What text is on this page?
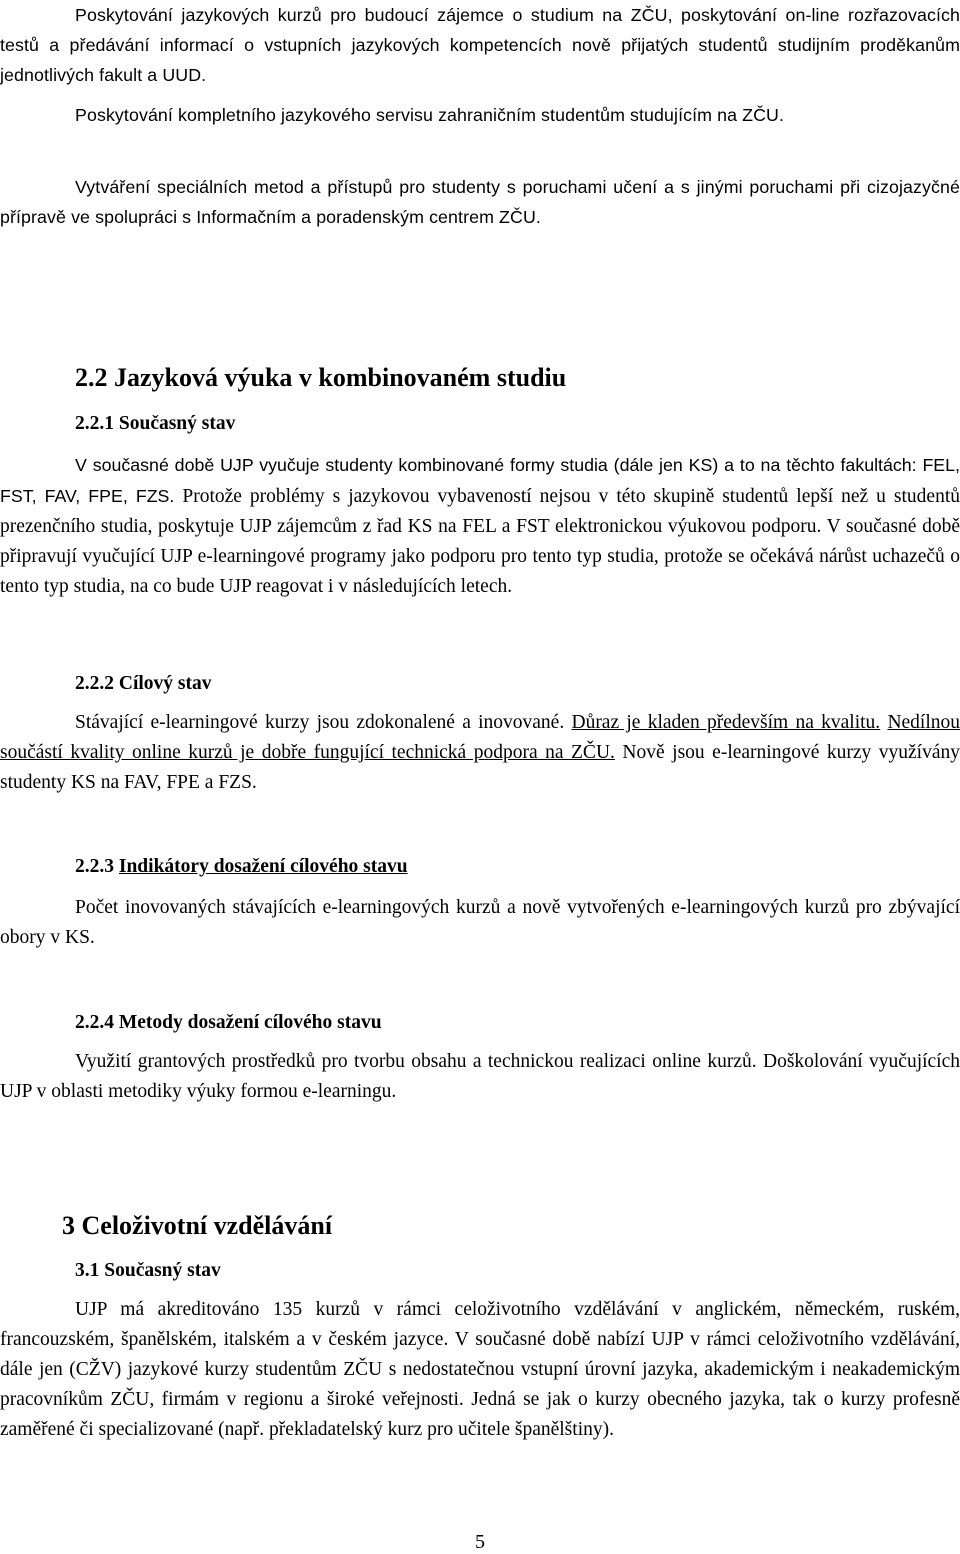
Poskytování jazykových kurzů pro budoucí zájemce o studium na ZČU, poskytování on-line rozřazovacích testů a předávání informací o vstupních jazykových kompetencích nově přijatých studentů studijním proděkanům jednotlivých fakult a UUD.

Poskytování kompletního jazykového servisu zahraničním studentům studujícím na ZČU.

Vytváření speciálních metod a přístupů pro studenty s poruchami učení a s jinými poruchami při cizojazyčné přípravě ve spolupráci s Informačním a poradenským centrem ZČU.

2.2 Jazyková výuka v kombinovaném studiu
2.2.1 Současný stav

V současné době UJP vyučuje studenty kombinované formy studia (dále jen KS) a to na těchto fakultách: FEL, FST, FAV, FPE, FZS. Protože problémy s jazykovou vybaveností nejsou v této skupině studentů lepší než u studentů prezenčního studia, poskytuje UJP zájemcům z řad KS na FEL a FST elektronickou výukovou podporu. V současné době připravují vyučující UJP e-learningové programy jako podporu pro tento typ studia, protože se očekává nárůst uchazečů o tento typ studia, na co bude UJP reagovat i v následujících letech.

2.2.2 Cílový stav

Stávající e-learningové kurzy jsou zdokonalené a inovované. Důraz je kladen především na kvalitu. Nedílnou součástí kvality online kurzů je dobře fungující technická podpora na ZČU. Nově jsou e-learningové kurzy využívány studenty KS na FAV, FPE a FZS.

2.2.3 Indikátory dosažení cílového stavu

Počet inovovaných stávajících e-learningových kurzů a nově vytvořených e-learningových kurzů pro zbývající obory v KS.

2.2.4 Metody dosažení cílového stavu

Využití grantových prostředků pro tvorbu obsahu a technickou realizaci online kurzů. Doškolování vyučujících UJP v oblasti metodiky výuky formou e-learningu.

3 Celoživotní vzdělávání
3.1 Současný stav

UJP má akreditováno 135 kurzů v rámci celoživotního vzdělávání v anglickém, německém, ruském, francouzském, španělském, italském a v českém jazyce. V současné době nabízí UJP v rámci celoživotního vzdělávání, dále jen (CŽV) jazykové kurzy studentům ZČU s nedostatečnou vstupní úrovní jazyka, akademickým i neakademickým pracovníkům ZČU, firmám v regionu a široké veřejnosti. Jedná se jak o kurzy obecného jazyka, tak o kurzy profesně zaměřené či specializované (např. překladatelský kurz pro učitele španělštiny).

5
